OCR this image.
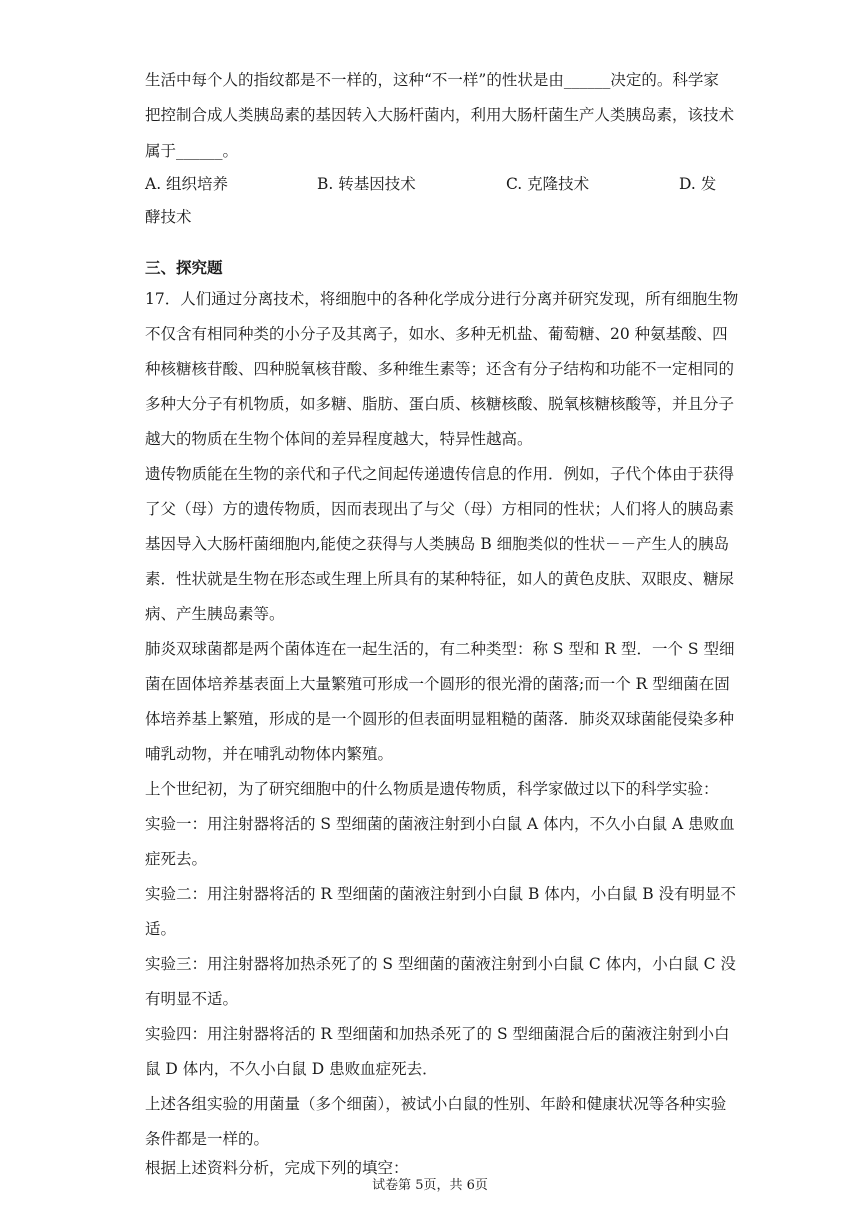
生活中每个人的指纹都是不一样的，这种“不一样”的性状是由______决定的。科学家

把控制合成人类胰岛素的基因转入大肠杆菌内，利用大肠杆菌生产人类胰岛素，该技术

属于______。

A. 组织培养	B. 转基因技术	C. 克隆技术	D. 发

酵技术

三、探究题

17．人们通过分离技术，将细胞中的各种化学成分进行分离并研究发现，所有细胞生物

不仅含有相同种类的小分子及其离子，如水、多种无机盐、葡萄糖、20 种氨基酸、四

种核糖核苷酸、四种脱氧核苷酸、多种维生素等；还含有分子结构和功能不一定相同的

多种大分子有机物质，如多糖、脂肪、蛋白质、核糖核酸、脱氧核糖核酸等，并且分子

越大的物质在生物个体间的差异程度越大，特异性越高。

遗传物质能在生物的亲代和子代之间起传递遗传信息的作用．例如，子代个体由于获得

了父（母）方的遗传物质，因而表现出了与父（母）方相同的性状；人们将人的胰岛素

基因导入大肠杆菌细胞内,能使之获得与人类胰岛 B 细胞类似的性状－－产生人的胰岛

素．性状就是生物在形态或生理上所具有的某种特征，如人的黄色皮肤、双眼皮、糖尿

病、产生胰岛素等。

肺炎双球菌都是两个菌体连在一起生活的，有二种类型：称 S 型和 R 型．一个 S 型细

菌在固体培养基表面上大量繁殖可形成一个圆形的很光滑的菌落;而一个 R 型细菌在固

体培养基上繁殖，形成的是一个圆形的但表面明显粗糙的菌落．肺炎双球菌能侵染多种

哺乳动物，并在哺乳动物体内繁殖。

上个世纪初，为了研究细胞中的什么物质是遗传物质，科学家做过以下的科学实验：

实验一：用注射器将活的 S 型细菌的菌液注射到小白鼠 A 体内，不久小白鼠 A 患败血

症死去。

实验二：用注射器将活的 R 型细菌的菌液注射到小白鼠 B 体内，小白鼠 B 没有明显不

适。

实验三：用注射器将加热杀死了的 S 型细菌的菌液注射到小白鼠 C 体内，小白鼠 C 没

有明显不适。

实验四：用注射器将活的 R 型细菌和加热杀死了的 S 型细菌混合后的菌液注射到小白

鼠 D 体内，不久小白鼠 D 患败血症死去．

上述各组实验的用菌量（多个细菌），被试小白鼠的性别、年龄和健康状况等各种实验

条件都是一样的。

根据上述资料分析，完成下列的填空：

试卷第 5页，共 6页
